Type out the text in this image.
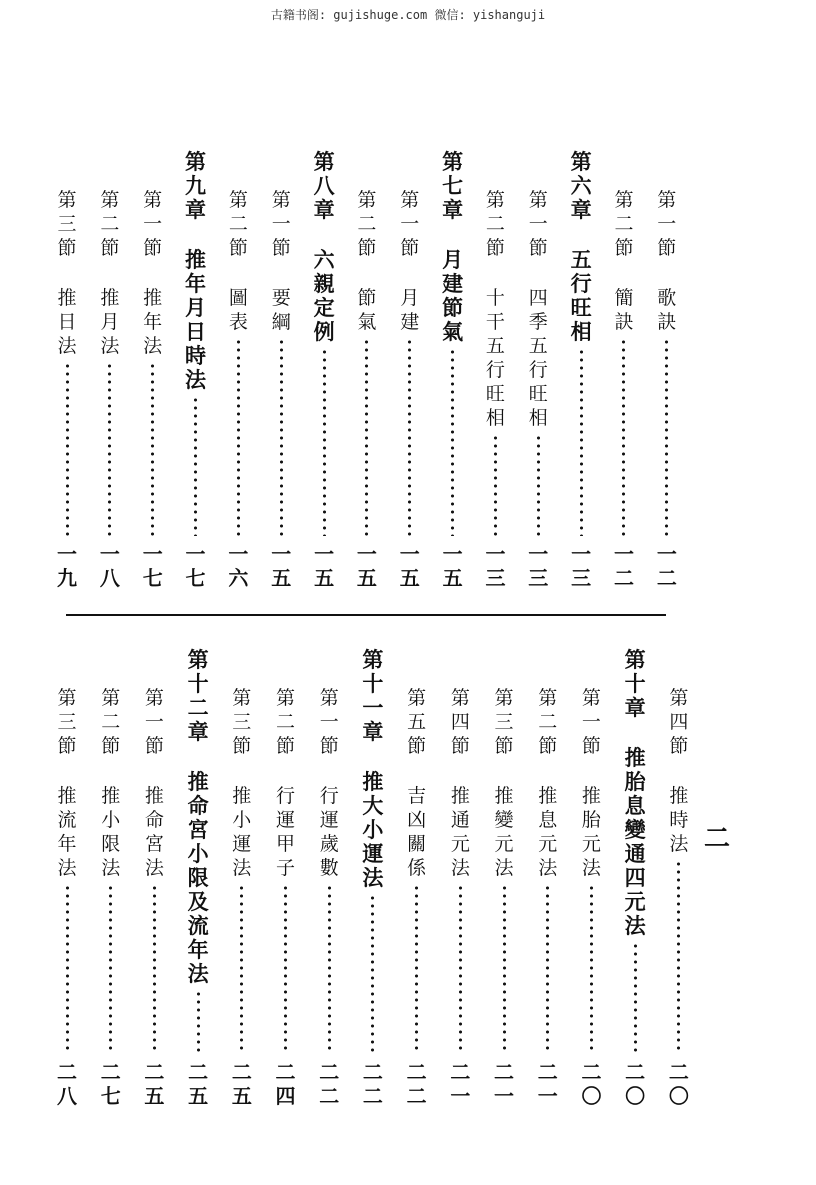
古籍书阁: gujishuge.com 微信: yishanguji
第
一
節
歌
訣
一
二
第
二
節
簡
訣
一
二
第
六
章
五
行
旺
相
一
三
第
一
節
四
季
五
行
旺
相
一
三
第
二
節
十
干
五
行
旺
相
一
三
第
七
章
月
建
節
氣
一
五
第
一
節
月
建
一
五
第
二
節
節
氣
一
五
第
八
章
六
親
定
例
一
五
第
一
節
要
綱
一
五
第
二
節
圖
表
一
六
第
九
章
推
年
月
日
時
法
一
七
第
一
節
推
年
法
一
七
第
二
節
推
月
法
一
八
第
三
節
推
日
法
一
九
第
四
節
推
時
法
二
〇
第
十
章
推
胎
息
變
通
四
元
法
二
〇
第
一
節
推
胎
元
法
二
〇
第
二
節
推
息
元
法
二
一
第
三
節
推
變
元
法
二
一
第
四
節
推
通
元
法
二
一
第
五
節
吉
凶
關
係
二
二
第
十
一
章
推
大
小
運
法
二
二
第
一
節
行
運
歲
數
二
二
第
二
節
行
運
甲
子
二
四
第
三
節
推
小
運
法
二
五
第
十
二
章
推
命
宮
小
限
及
流
年
法
二
五
第
一
節
推
命
宮
法
二
五
第
二
節
推
小
限
法
二
七
第
三
節
推
流
年
法
二
八
二
